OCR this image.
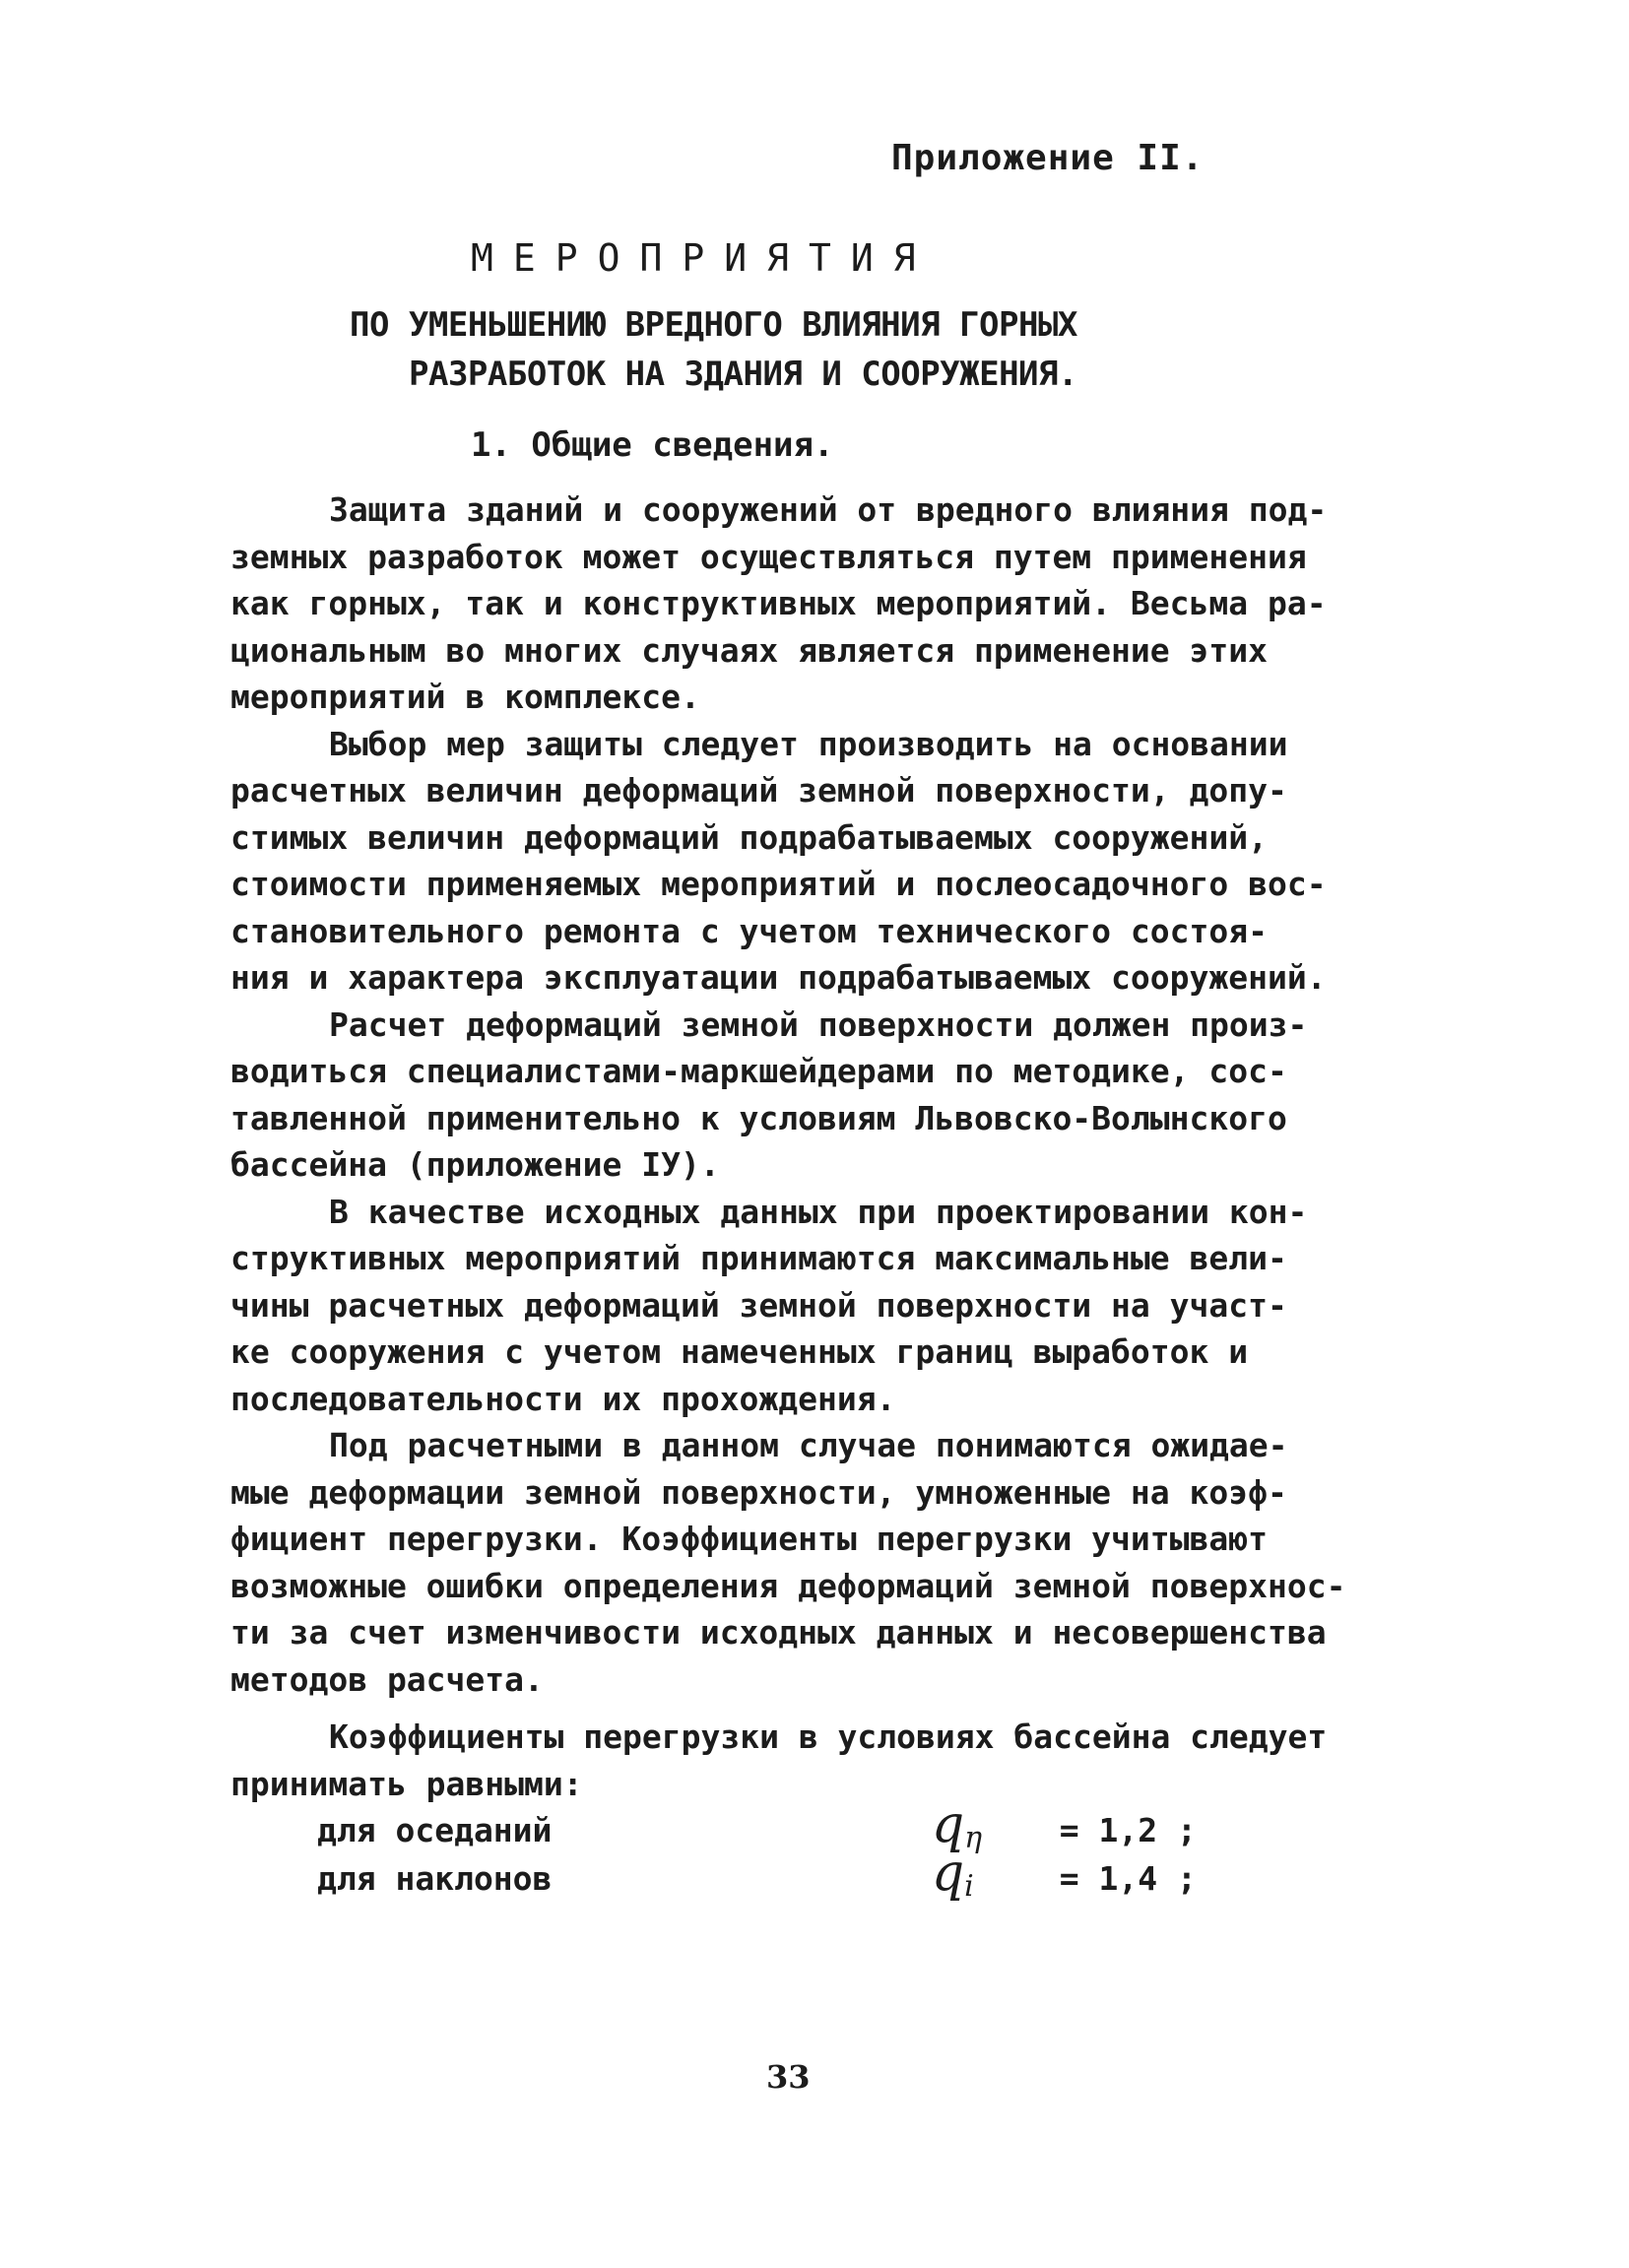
Приложение II.
МЕРОПРИЯТИЯ
ПО УМЕНЬШЕНИЮ ВРЕДНОГО ВЛИЯНИЯ ГОРНЫХ
РАЗРАБОТОК НА ЗДАНИЯ И СООРУЖЕНИЯ.
1. Общие сведения.

Защита зданий и сооружений от вредного влияния под-
земных разработок может осуществляться путем применения
как горных, так и конструктивных мероприятий. Весьма ра-
циональным во многих случаях является применение этих
мероприятий в комплексе.

Выбор мер защиты следует производить на основании
расчетных величин деформаций земной поверхности, допу-
стимых величин деформаций подрабатываемых сооружений,
стоимости применяемых мероприятий и послеосадочного вос-
становительного ремонта с учетом технического состоя-
ния и характера эксплуатации подрабатываемых сооружений.

Расчет деформаций земной поверхности должен произ-
водиться специалистами-маркшейдерами по методике, сос-
тавленной применительно к условиям Львовско-Волынского
бассейна (приложение IУ).

В качестве исходных данных при проектировании кон-
структивных мероприятий принимаются максимальные вели-
чины расчетных деформаций земной поверхности на участ-
ке сооружения с учетом намеченных границ выработок и
последовательности их прохождения.

Под расчетными в данном случае понимаются ожидае-
мые деформации земной поверхности, умноженные на коэф-
фициент перегрузки. Коэффициенты перегрузки учитывают
возможные ошибки определения деформаций земной поверхнос-
ти за счет изменчивости исходных данных и несовершенства
методов расчета.

Коэффициенты перегрузки в условиях бассейна следует
принимать равными:
для оседаний	$q_\eta = 1,2$ ;
для наклонов	$q_i$	= 1,4 ;
33
